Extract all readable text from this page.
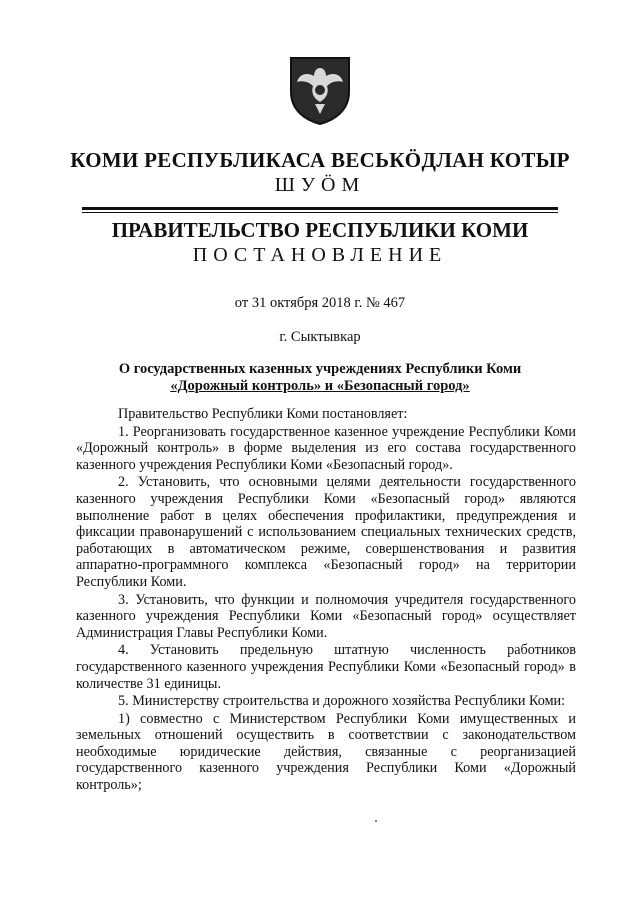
КОМИ РЕСПУБЛИКАСА ВЕСЬКӦДЛАН КОТЫР
ШУӦМ
ПРАВИТЕЛЬСТВО РЕСПУБЛИКИ КОМИ
ПОСТАНОВЛЕНИЕ
от 31 октября 2018 г. № 467
г. Сыктывкар
О государственных казенных учреждениях Республики Коми
«Дорожный контроль» и «Безопасный город»

Правительство Республики Коми постановляет:

1. Реорганизовать государственное казенное учреждение Республики Коми «Дорожный контроль» в форме выделения из его состава государственного казенного учреждения Республики Коми «Безопасный город».

2. Установить, что основными целями деятельности государственного казенного учреждения Республики Коми «Безопасный город» являются выполнение работ в целях обеспечения профилактики, предупреждения и фиксации правонарушений с использованием специальных технических средств, работающих в автоматическом режиме, совершенствования и развития аппаратно-программного комплекса «Безопасный город» на территории Республики Коми.

3. Установить, что функции и полномочия учредителя государственного казенного учреждения Республики Коми «Безопасный город» осуществляет Администрация Главы Республики Коми.

4. Установить предельную штатную численность работников государственного казенного учреждения Республики Коми «Безопасный город» в количестве 31 единицы.

5. Министерству строительства и дорожного хозяйства Республики Коми:

1) совместно с Министерством Республики Коми имущественных и земельных отношений осуществить в соответствии с законодательством необходимые юридические действия, связанные с реорганизацией государственного казенного учреждения Республики Коми «Дорожный контроль»;
